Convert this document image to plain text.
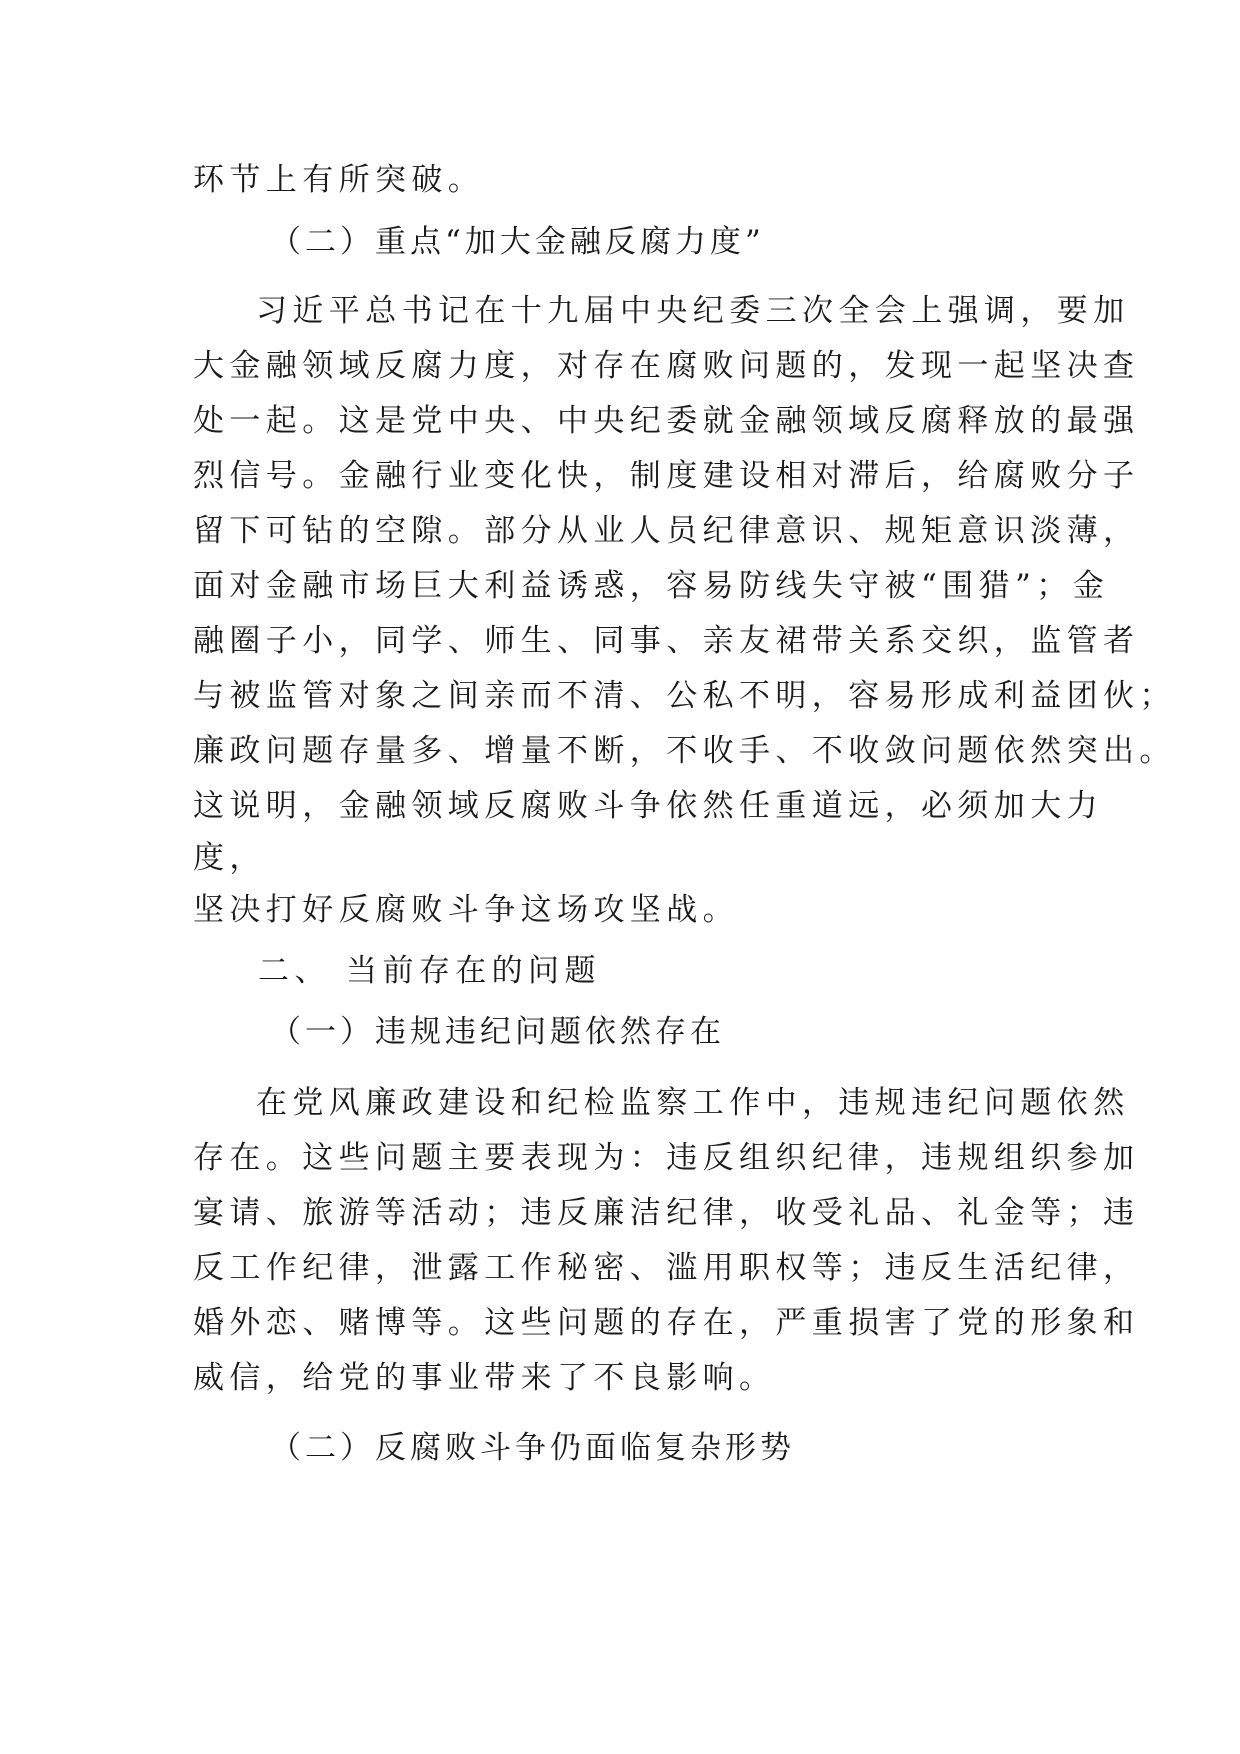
环节上有所突破。
（二）重点“加大金融反腐力度”
习近平总书记在十九届中央纪委三次全会上强调，要加
大金融领域反腐力度，对存在腐败问题的，发现一起坚决查
处一起。这是党中央、中央纪委就金融领域反腐释放的最强
烈信号。金融行业变化快，制度建设相对滞后，给腐败分子
留下可钻的空隙。部分从业人员纪律意识、规矩意识淡薄，
面对金融市场巨大利益诱惑，容易防线失守被“围猎”；金
融圈子小，同学、师生、同事、亲友裙带关系交织，监管者
与被监管对象之间亲而不清、公私不明，容易形成利益团伙；
廉政问题存量多、增量不断，不收手、不收敛问题依然突出。
这说明，金融领域反腐败斗争依然任重道远，必须加大力
度，
坚决打好反腐败斗争这场攻坚战。
二、 当前存在的问题
（一）违规违纪问题依然存在
在党风廉政建设和纪检监察工作中，违规违纪问题依然
存在。这些问题主要表现为：违反组织纪律，违规组织参加
宴请、旅游等活动；违反廉洁纪律，收受礼品、礼金等；违
反工作纪律，泄露工作秘密、滥用职权等；违反生活纪律，
婚外恋、赌博等。这些问题的存在，严重损害了党的形象和
威信，给党的事业带来了不良影响。
（二）反腐败斗争仍面临复杂形势
